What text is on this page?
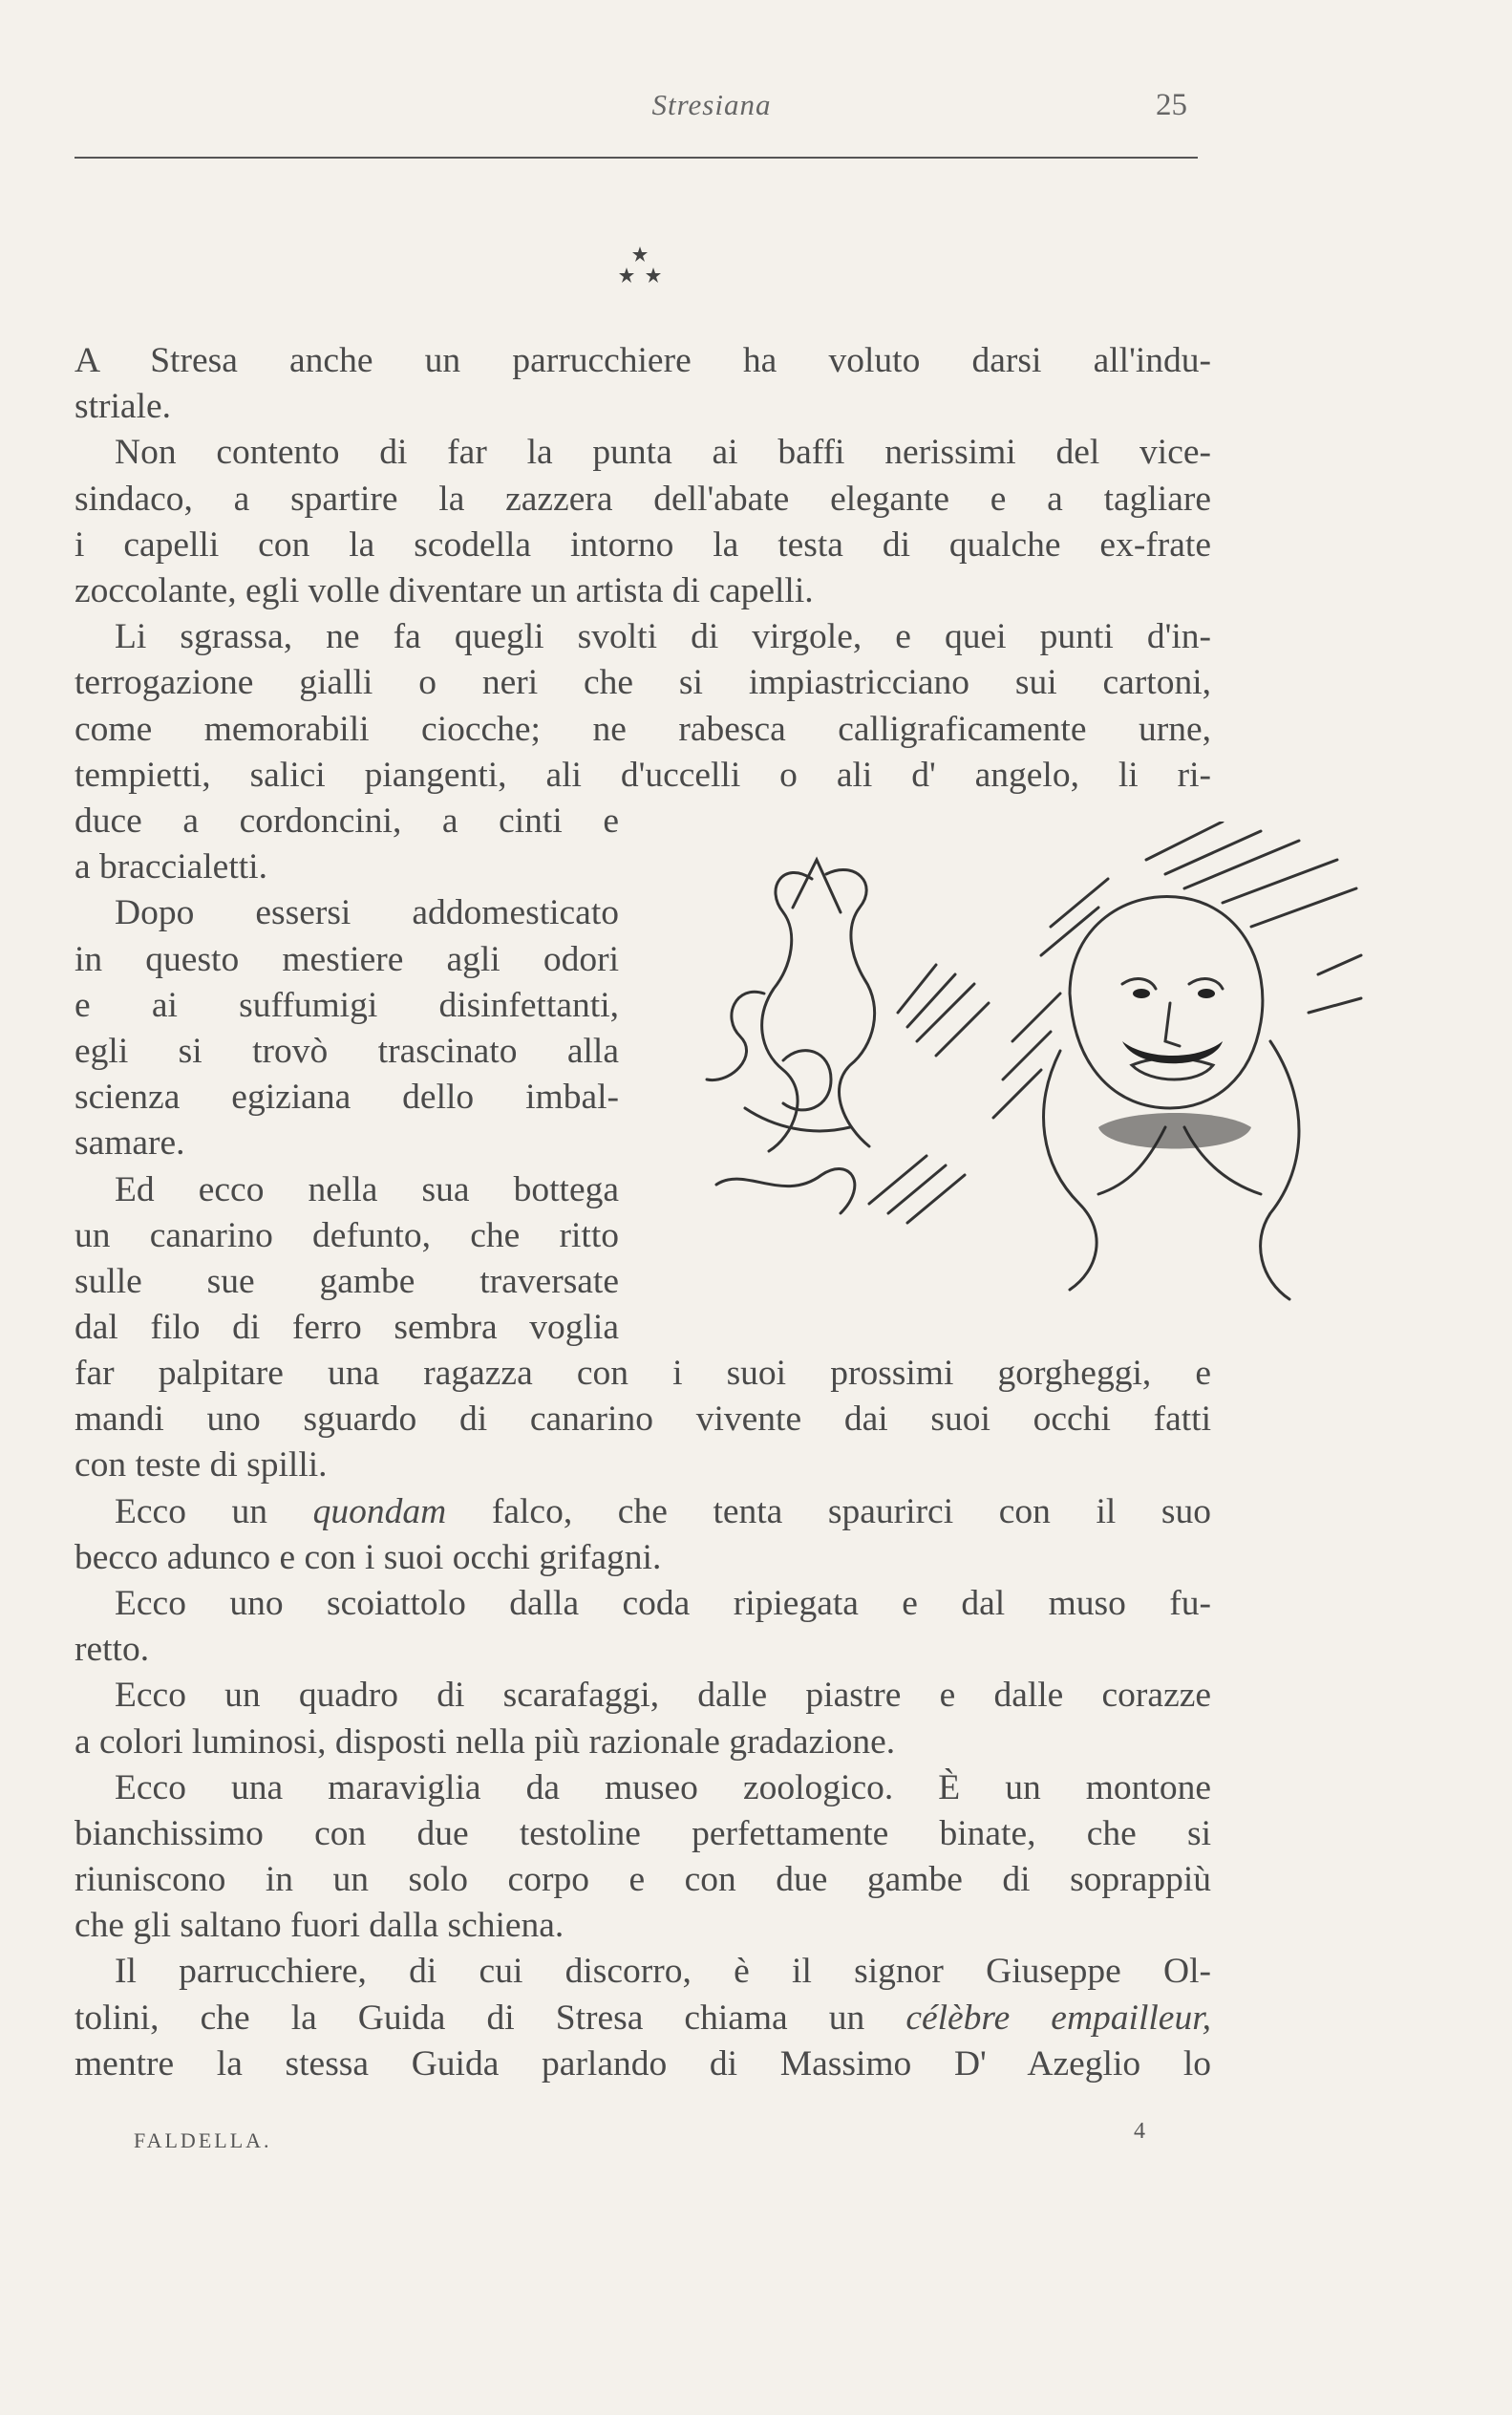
Stresiana	25
A Stresa anche un parrucchiere ha voluto darsi all'indu-
striale.
Non contento di far la punta ai baffi nerissimi del vice-
sindaco, a spartire la zazzera dell'abate elegante e a tagliare
i capelli con la scodella intorno la testa di qualche ex-frate
zoccolante, egli volle diventare un artista di capelli.
Li sgrassa, ne fa quegli svolti di virgole, e quei punti d'in-
terrogazione gialli o neri che si impiastricciano sui cartoni,
come memorabili ciocche; ne rabesca calligraficamente urne,
tempietti, salici piangenti, ali d'uccelli o ali d' angelo, li ri-
duce a cordoncini, a cinti e
a braccialetti.
Dopo essersi addomesticato
in questo mestiere agli odori
e ai suffumigi disinfettanti,
egli si trovò trascinato alla
scienza egiziana dello imbal-
samare.
Ed ecco nella sua bottega
un canarino defunto, che ritto
sulle sue gambe traversate
dal filo di ferro sembra voglia
far palpitare una ragazza con i suoi prossimi gorgheggi, e
mandi uno sguardo di canarino vivente dai suoi occhi fatti
con teste di spilli.
Ecco un quondam falco, che tenta spaurirci con il suo
becco adunco e con i suoi occhi grifagni.
Ecco uno scoiattolo dalla coda ripiegata e dal muso fu-
retto.
Ecco un quadro di scarafaggi, dalle piastre e dalle corazze
a colori luminosi, disposti nella più razionale gradazione.
Ecco una maraviglia da museo zoologico. È un montone
bianchissimo con due testoline perfettamente binate, che si
riuniscono in un solo corpo e con due gambe di soprappiù
che gli saltano fuori dalla schiena.
Il parrucchiere, di cui discorro, è il signor Giuseppe Ol-
tolini, che la Guida di Stresa chiama un célèbre empailleur,
mentre la stessa Guida parlando di Massimo D' Azeglio lo
FALDELLA.	4
